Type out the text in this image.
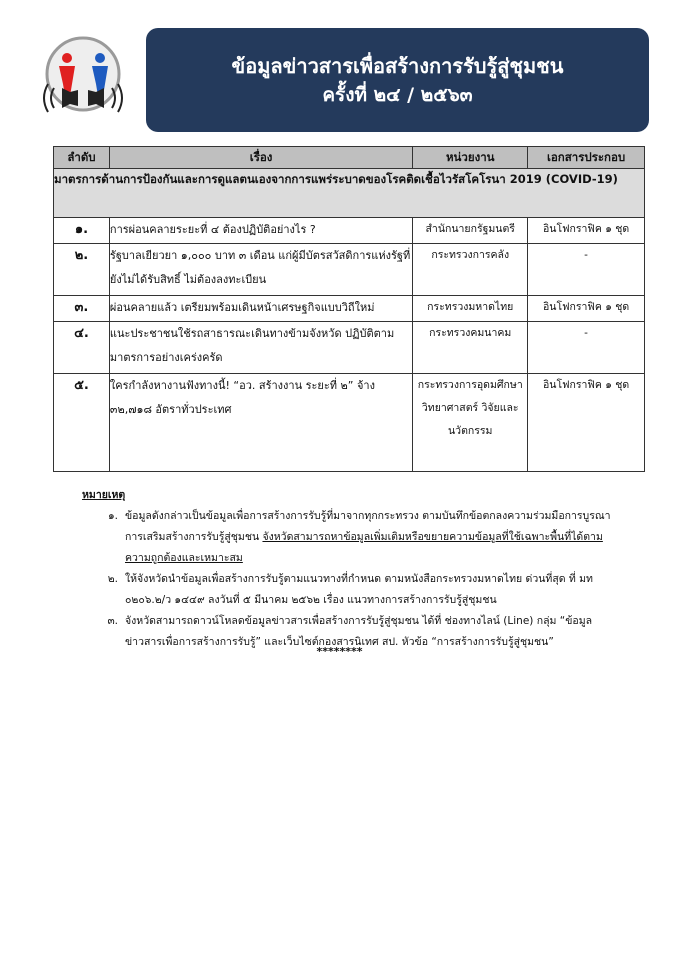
ข้อมูลข่าวสารเพื่อสร้างการรับรู้สู่ชุมชน
ครั้งที่ ๒๔ / ๒๕๖๓
ลำดับ	เรื่อง	หน่วยงาน	เอกสารประกอบ
มาตรการด้านการป้องกันและการดูแลตนเองจากการแพร่ระบาดของโรคติดเชื้อไวรัสโคโรนา 2019 (COVID-19)			
๑.	การผ่อนคลายระยะที่ ๔ ต้องปฏิบัติอย่างไร ?	สำนักนายกรัฐมนตรี	อินโฟกราฟิค ๑ ชุด
๒.	รัฐบาลเยียวยา ๑,๐๐๐ บาท ๓ เดือน แก่ผู้มีบัตรสวัสดิการแห่งรัฐที่ยังไม่ได้รับสิทธิ์ ไม่ต้องลงทะเบียน	กระทรวงการคลัง	-
๓.	ผ่อนคลายแล้ว เตรียมพร้อมเดินหน้าเศรษฐกิจแบบวิถีใหม่	กระทรวงมหาดไทย	อินโฟกราฟิค ๑ ชุด
๔.	แนะประชาชนใช้รถสาธารณะเดินทางข้ามจังหวัด ปฏิบัติตามมาตรการอย่างเคร่งครัด	กระทรวงคมนาคม	-
๕.	ใครกำลังหางานฟังทางนี้! “อว. สร้างงาน ระยะที่ ๒” จ้าง ๓๒,๗๑๘ อัตราทั่วประเทศ	กระทรวงการอุดมศึกษา วิทยาศาสตร์ วิจัยและนวัตกรรม	อินโฟกราฟิค ๑ ชุด
หมายเหตุ
๑. ข้อมูลดังกล่าวเป็นข้อมูลเพื่อการสร้างการรับรู้ที่มาจากทุกกระทรวง ตามบันทึกข้อตกลงความร่วมมือการบูรณาการเสริมสร้างการรับรู้สู่ชุมชน จังหวัดสามารถหาข้อมูลเพิ่มเติมหรือขยายความข้อมูลที่ใช้เฉพาะพื้นที่ได้ตามความถูกต้องและเหมาะสม
๒. ให้จังหวัดนำข้อมูลเพื่อสร้างการรับรู้ตามแนวทางที่กำหนด ตามหนังสือกระทรวงมหาดไทย ด่วนที่สุด ที่ มท ๐๒๐๖.๒/ว ๑๔๔๙ ลงวันที่ ๕ มีนาคม ๒๕๖๒ เรื่อง แนวทางการสร้างการรับรู้สู่ชุมชน
๓. จังหวัดสามารถดาวน์โหลดข้อมูลข่าวสารเพื่อสร้างการรับรู้สู่ชุมชน ได้ที่ ช่องทางไลน์ (Line) กลุ่ม “ข้อมูลข่าวสารเพื่อการสร้างการรับรู้” และเว็บไซต์กองสารนิเทศ สป. หัวข้อ “การสร้างการรับรู้สู่ชุมชน”
********
